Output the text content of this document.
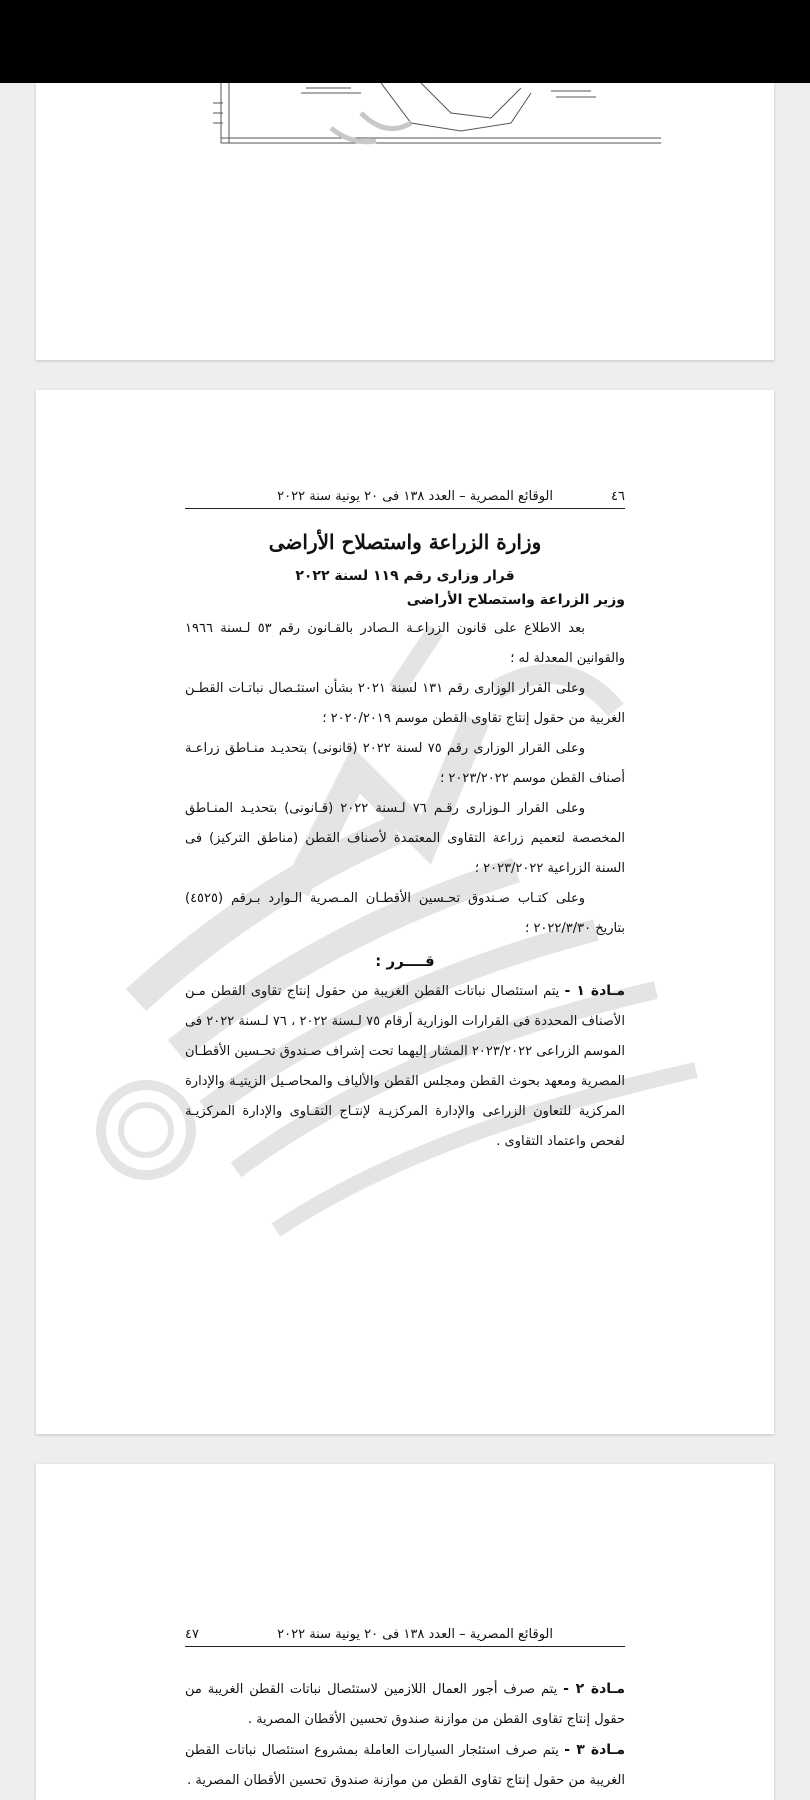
الوقائع المصرية – العدد ١٣٨ فى ٢٠ يونية سنة ٢٠٢٢	٤٦

وزارة الزراعة واستصلاح الأراضى

قرار وزارى رقم ١١٩ لسنة ٢٠٢٢

وزير الزراعة واستصلاح الأراضى

بعد الاطلاع على قانون الزراعـة الـصادر بالقـانون رقم ٥٣ لـسنة ١٩٦٦ والقوانين المعدلة له ؛

وعلى القرار الوزارى رقم ١٣١ لسنة ٢٠٢١ بشأن استئـصال نباتـات القطـن الغربية من حقول إنتاج تقاوى القطن موسم ٢٠٢٠/٢٠١٩ ؛

وعلى القرار الوزارى رقم ٧٥ لسنة ٢٠٢٢ (قانونى) بتحديـد منـاطق زراعـة أصناف القطن موسم ٢٠٢٣/٢٠٢٢ ؛

وعلى القرار الـوزارى رقـم ٧٦ لـسنة ٢٠٢٢ (قـانونى) بتحديـد المنـاطق المخصصة لتعميم زراعة التقاوى المعتمدة لأصناف القطن (مناطق التركيز) فى السنة الزراعية ٢٠٢٣/٢٠٢٢ ؛

وعلى كتـاب صـندوق تحـسين الأقطـان المـصرية الـوارد بـرقم (٤٥٢٥) بتاريخ ٢٠٢٢/٣/٣٠ ؛

قــــرر :

مـادة ١ - يتم استئصال نباتات القطن الغريبة من حقول إنتاج تقاوى القطن مـن الأصناف المحددة فى القرارات الوزارية أرقام ٧٥ لـسنة ٢٠٢٢ ، ٧٦ لـسنة ٢٠٢٢ فى الموسم الزراعى ٢٠٢٣/٢٠٢٢ المشار إليهما تحت إشراف صـندوق تحـسين الأقطـان المصرية ومعهد بحوث القطن ومجلس القطن والألياف والمحاصـيل الزيتيـة والإدارة المركزية للتعاون الزراعى والإدارة المركزيـة لإنتـاج التقـاوى والإدارة المركزيـة لفحص واعتماد التقاوى .

الوقائع المصرية – العدد ١٣٨ فى ٢٠ يونية سنة ٢٠٢٢
٤٧

مـادة ٢ - يتم صرف أجور العمال اللازمين لاستئصال نباتات القطن الغريبة من حقول إنتاج تقاوى القطن من موازنة صندوق تحسين الأقطان المصرية .

مـادة ٣ - يتم صرف استئجار السيارات العاملة بمشروع استئصال نباتات القطن الغريبة من حقول إنتاج تقاوى القطن من موازنة صندوق تحسين الأقطان المصرية .
